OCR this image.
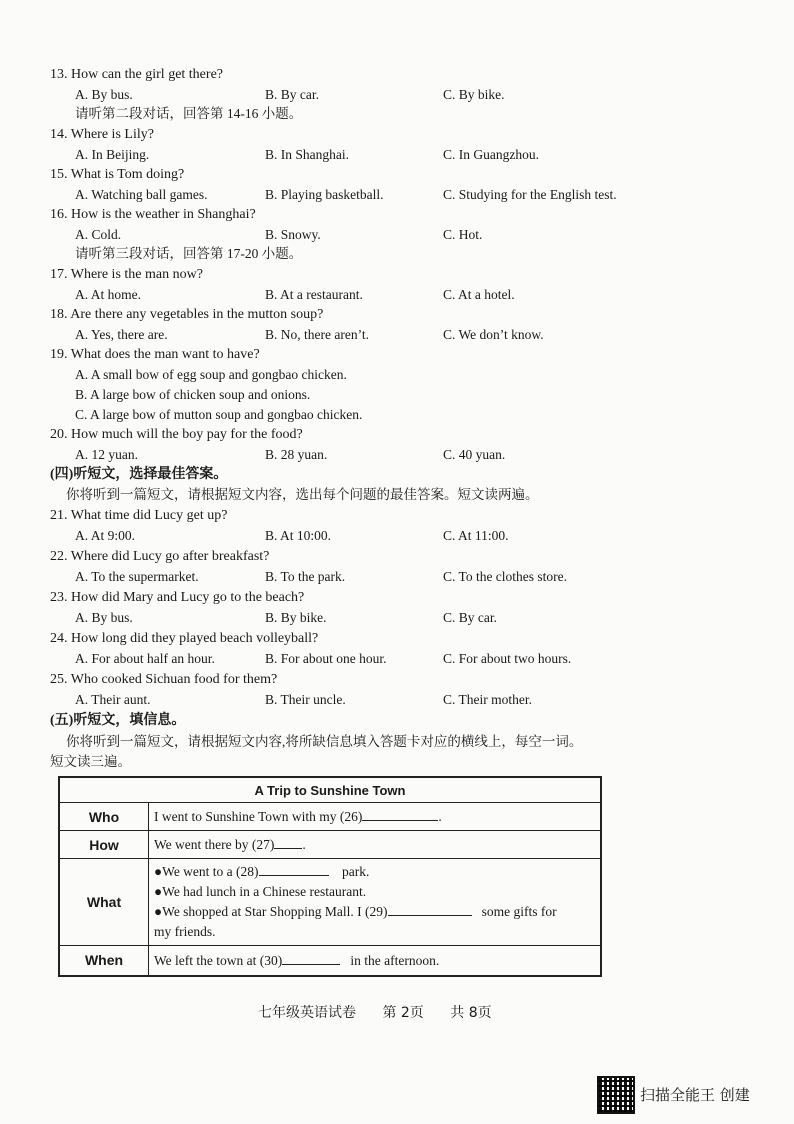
13. How can the girl get there?
A. By bus.	B. By car.	C. By bike.
请听第二段对话，回答第 14-16 小题。
14. Where is Lily?
A. In Beijing.	B. In Shanghai.	C. In Guangzhou.
15. What is Tom doing?
A. Watching ball games.	B. Playing basketball.	C. Studying for the English test.
16. How is the weather in Shanghai?
A. Cold.	B. Snowy.	C. Hot.
请听第三段对话，回答第 17-20 小题。
17. Where is the man now?
A. At home.	B. At a restaurant.	C. At a hotel.
18. Are there any vegetables in the mutton soup?
A. Yes, there are.	B. No, there aren’t.	C. We don’t know.
19. What does the man want to have?
A. A small bow of egg soup and gongbao chicken.
B. A large bow of chicken soup and onions.
C. A large bow of mutton soup and gongbao chicken.
20. How much will the boy pay for the food?
A. 12 yuan.	B. 28 yuan.	C. 40 yuan.
(四)听短文，选择最佳答案。
你将听到一篇短文，请根据短文内容，选出每个问题的最佳答案。短文读两遍。
21. What time did Lucy get up?
A. At 9:00.	B. At 10:00.	C. At 11:00.
22. Where did Lucy go after breakfast?
A. To the supermarket.	B. To the park.	C. To the clothes store.
23. How did Mary and Lucy go to the beach?
A. By bus.	B. By bike.	C. By car.
24. How long did they played beach volleyball?
A. For about half an hour.	B. For about one hour.	C. For about two hours.
25. Who cooked Sichuan food for them?
A. Their aunt.	B. Their uncle.	C. Their mother.
(五)听短文，填信息。
你将听到一篇短文，请根据短文内容,将所缺信息填入答题卡对应的横线上，每空一词。
短文读三遍。
A Trip to Sunshine Town	
Who	I went to Sunshine Town with my (26) .
How	We went there by (27) .
What	●We went to a (28) park.
●We had lunch in a Chinese restaurant.
●We shopped at Star Shopping Mall. I (29) some gifts for
my friends.

When	We left the town at (30) in the afternoon.
七年级英语试卷 第 2页 共 8页
扫描全能王 创建
